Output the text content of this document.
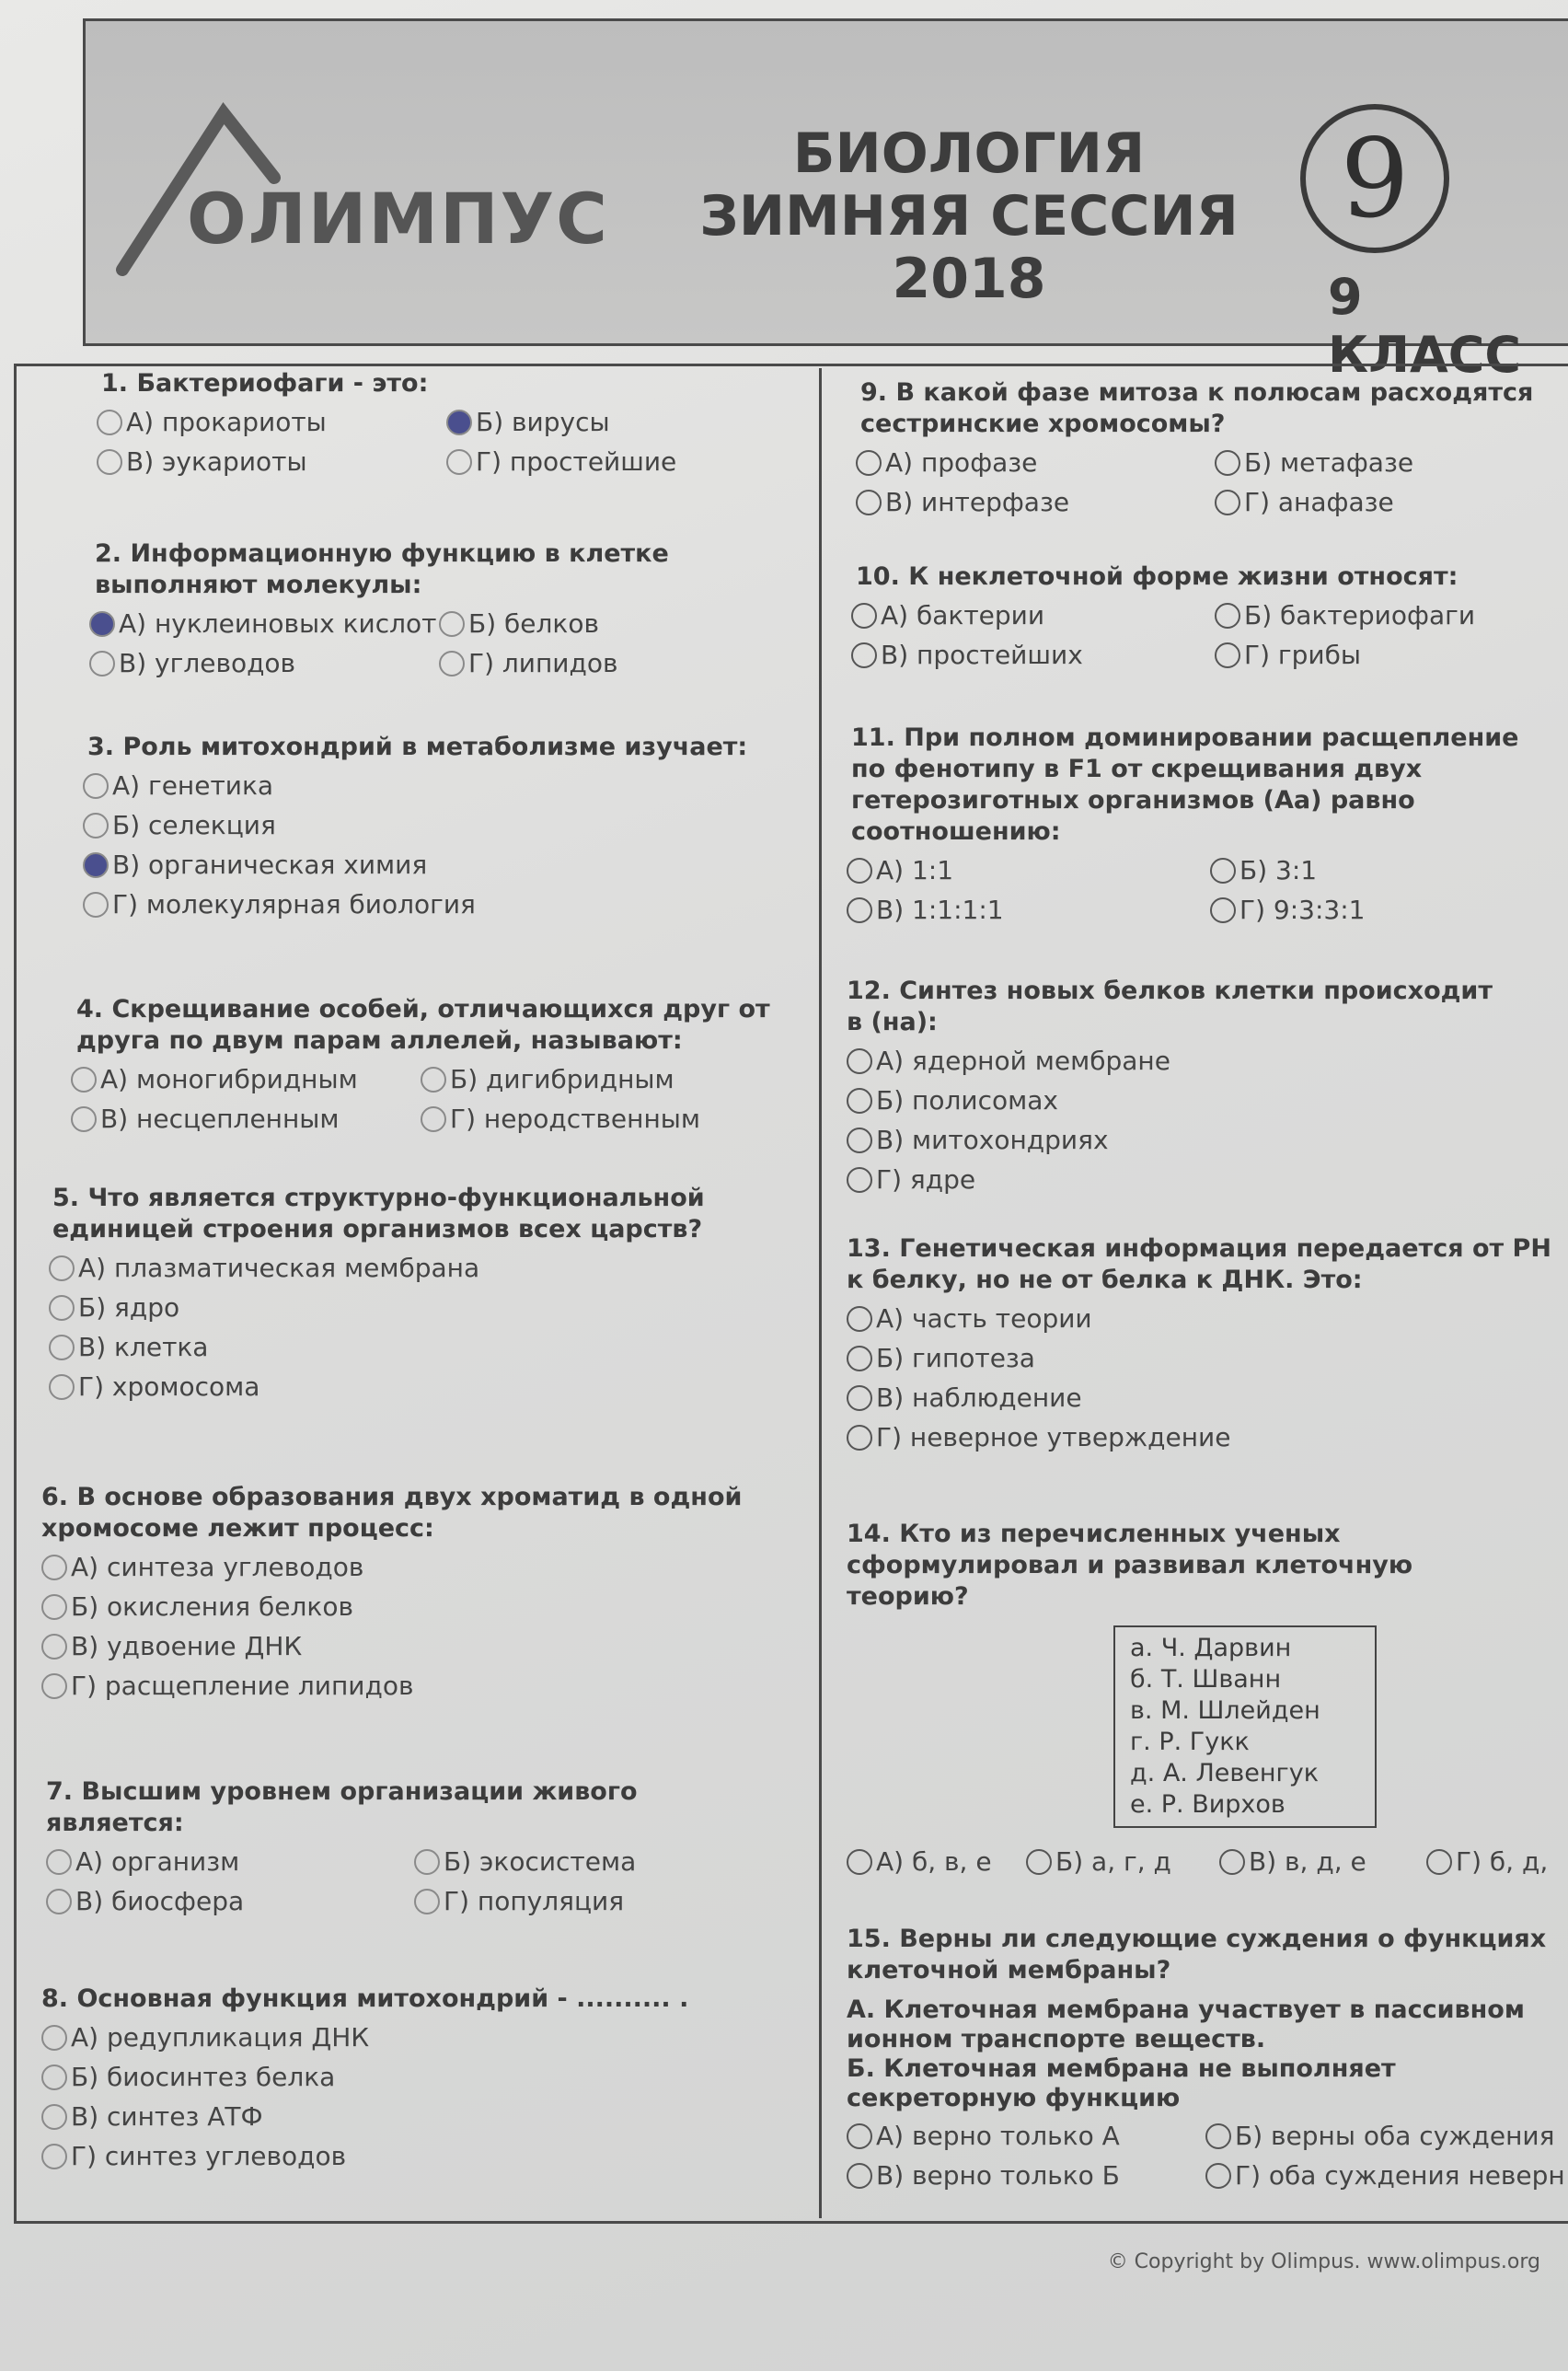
ОЛИМПУС
БИОЛОГИЯ
ЗИМНЯЯ СЕССИЯ
2018
9
9 КЛАСС
1. Бактериофаги - это:
А) прокариоты	Б) вирусы
В) эукариоты	Г) простейшие
2. Информационную функцию в клетке выполняют молекулы:
А) нуклеиновых кислот Б) белков
В) углеводов	Г) липидов
3. Роль митохондрий в метаболизме изучает:
А) генетика
Б) селекция
В) органическая химия
Г) молекулярная биология
4. Скрещивание особей, отличающихся друг от друга по двум парам аллелей, называют:
А) моногибридным	Б) дигибридным
В) несцепленным	Г) неродственным
5. Что является структурно-функциональной единицей строения организмов всех царств?
А) плазматическая мембрана
Б) ядро
В) клетка
Г) хромосома
6. В основе образования двух хроматид в одной хромосоме лежит процесс:
А) синтеза углеводов
Б) окисления белков
В) удвоение ДНК
Г) расщепление липидов
7. Высшим уровнем организации живого является:
А) организм	Б) экосистема
В) биосфера	Г) популяция
8. Основная функция митохондрий - .......... .
А) редупликация ДНК
Б) биосинтез белка
В) синтез АТФ
Г) синтез углеводов
9. В какой фазе митоза к полюсам расходятся сестринские хромосомы?
А) профазе	Б) метафазе
В) интерфазе	Г) анафазе
10. К неклеточной форме жизни относят:
А) бактерии	Б) бактериофаги
В) простейших	Г) грибы
11. При полном доминировании расщепление по фенотипу в F1 от скрещивания двух гетерозиготных организмов (Аа) равно соотношению:
А) 1:1	Б) 3:1
В) 1:1:1:1	Г) 9:3:3:1
12. Синтез новых белков клетки происходит в (на):
А) ядерной мембране
Б) полисомах
В) митохондриях
Г) ядре
13. Генетическая информация передается от РН к белку, но не от белка к ДНК. Это:
А) часть теории
Б) гипотеза
В) наблюдение
Г) неверное утверждение
14. Кто из перечисленных ученых сформулировал и развивал клеточную теорию?
а. Ч. Дарвин
б. Т. Шванн
в. М. Шлейден
г. Р. Гукк
д. А. Левенгук
е. Р. Вирхов
А) б, в, е Б) а, г, д	В) в, д, е	Г) б, д,
15. Верны ли следующие суждения о функциях клеточной мембраны?
А. Клеточная мембрана участвует в пассивном ионном транспорте веществ.
Б. Клеточная мембрана не выполняет секреторную функцию
А) верно только А	Б) верны оба суждения
В) верно только Б	Г) оба суждения неверн
© Copyright by Olimpus. www.olimpus.org
